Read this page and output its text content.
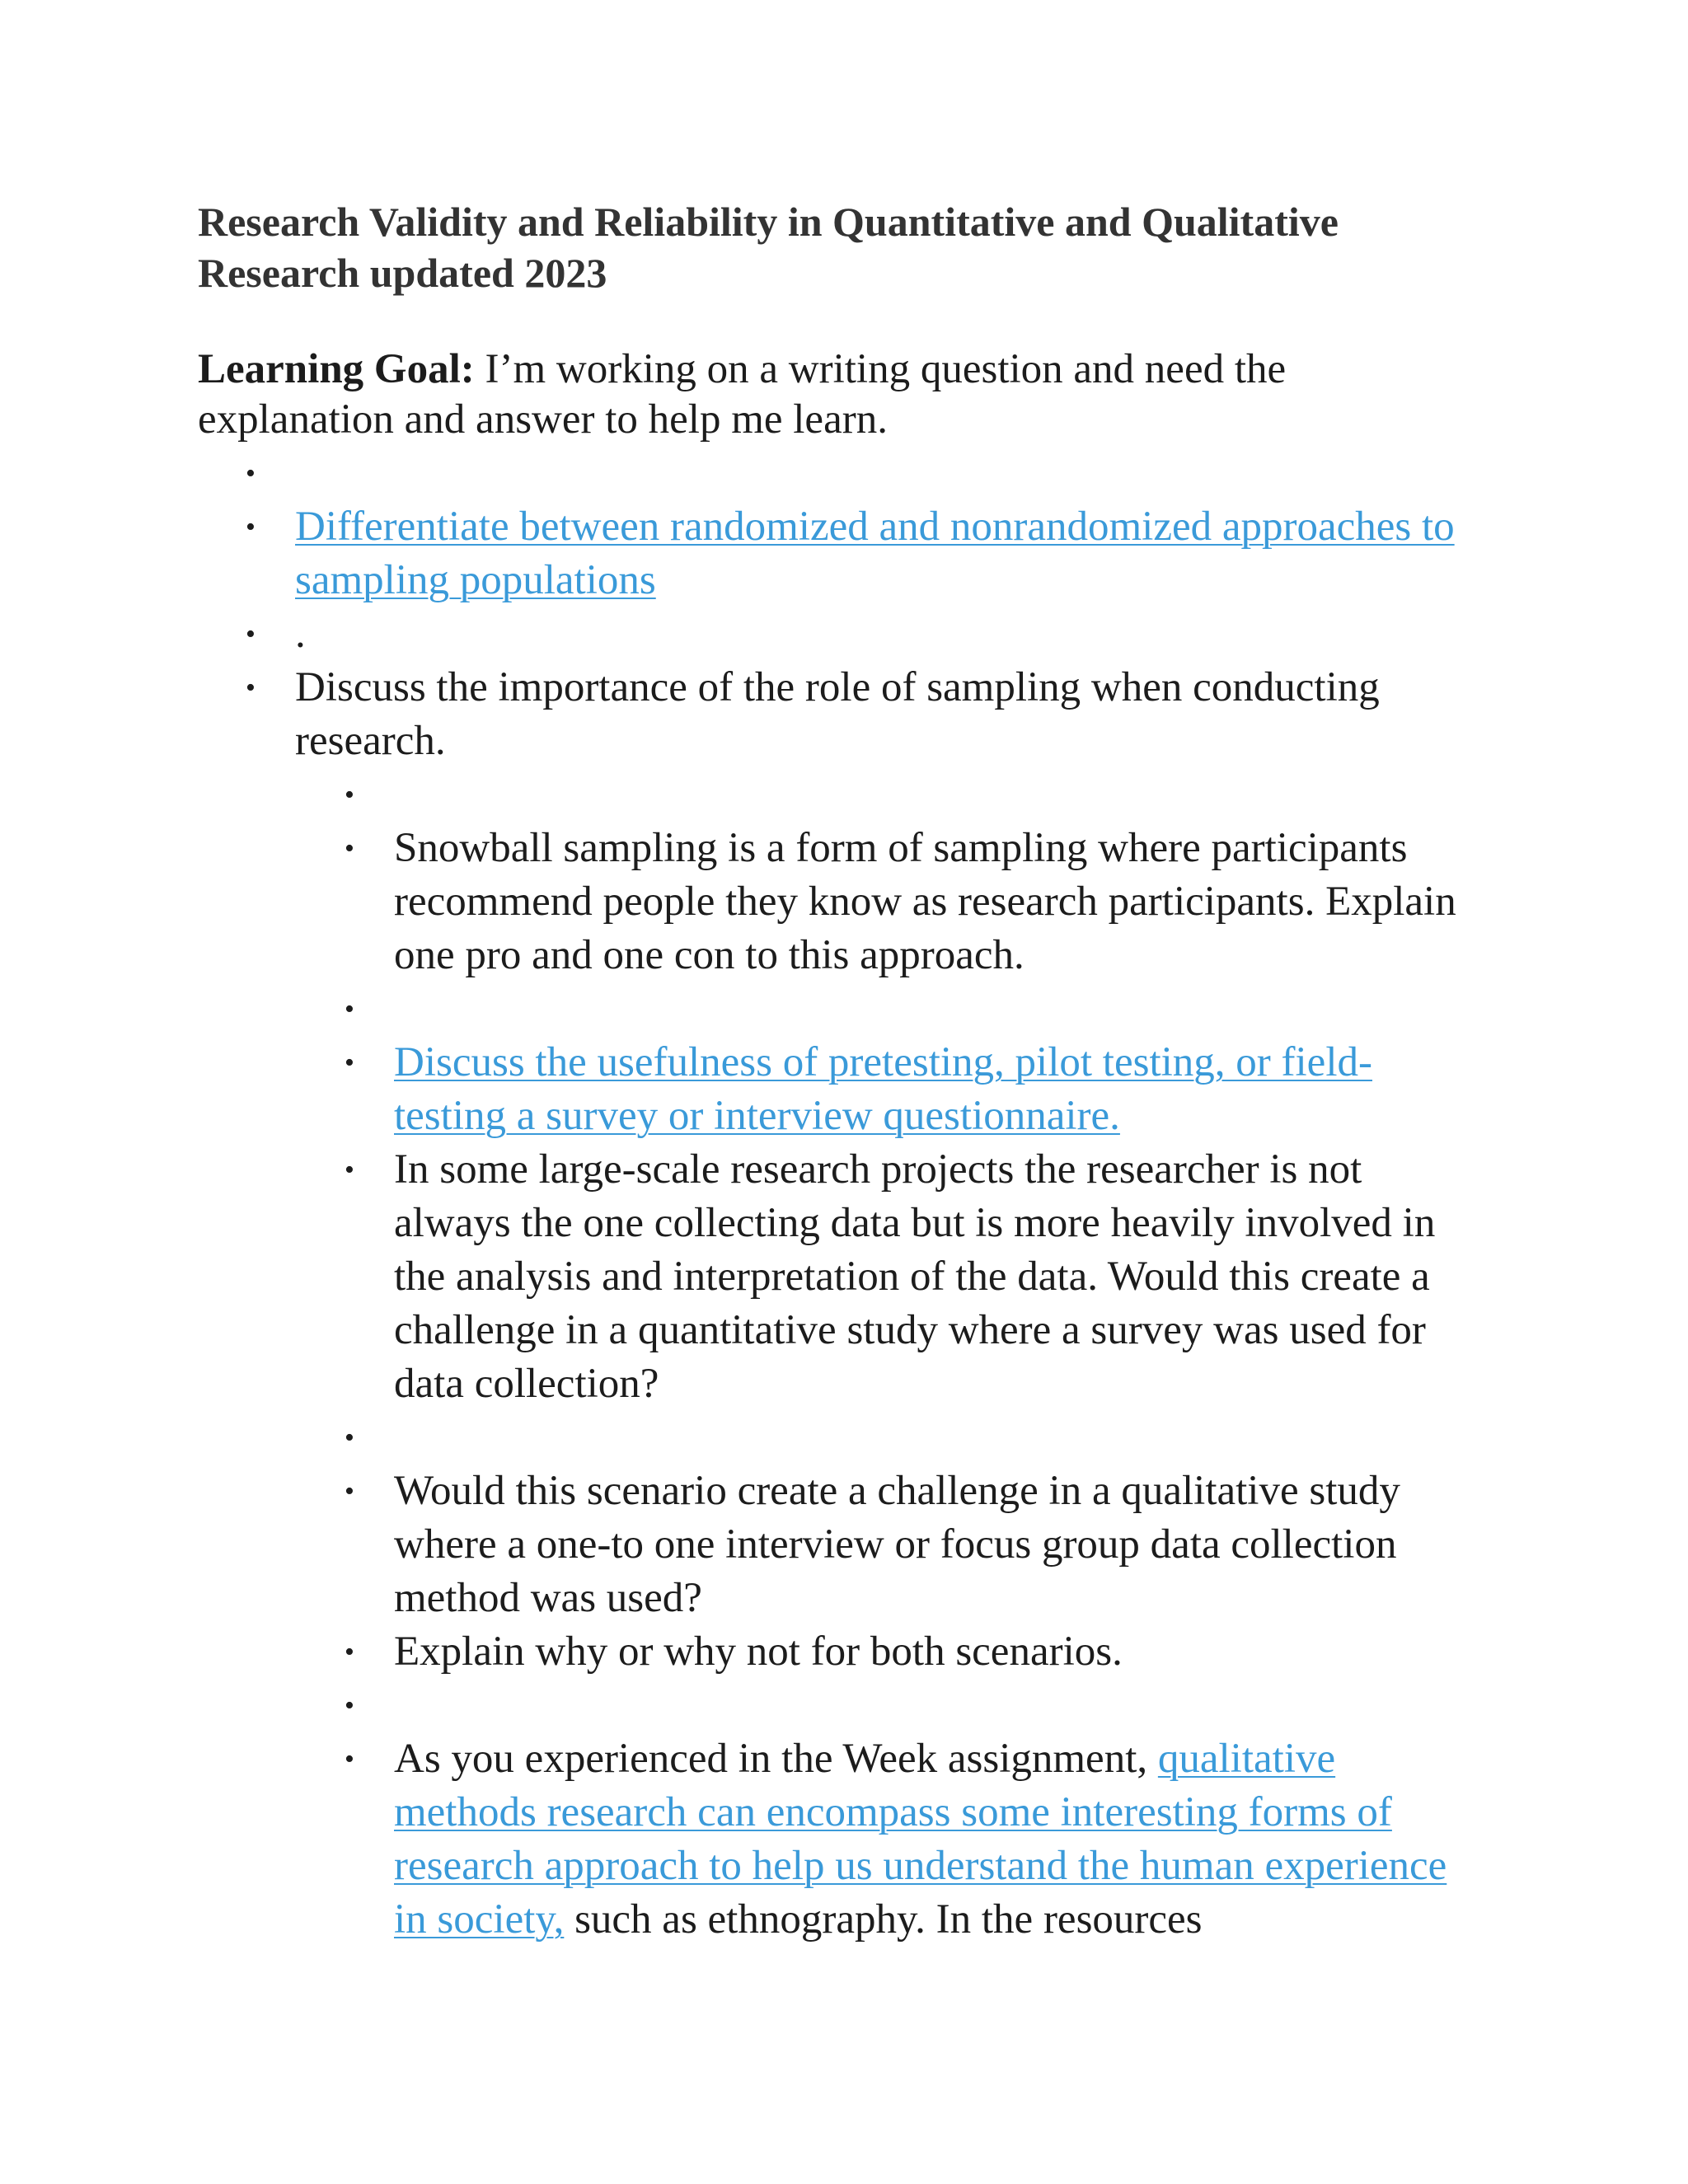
Research Validity and Reliability in Quantitative and Qualitative Research updated 2023

Learning Goal: I’m working on a writing question and need the explanation and answer to help me learn.

•
• Differentiate between randomized and nonrandomized approaches to sampling populations
• .
• Discuss the importance of the role of sampling when conducting research.
•
• Snowball sampling is a form of sampling where participants recommend people they know as research participants. Explain one pro and one con to this approach.
•
• Discuss the usefulness of pretesting, pilot testing, or field-testing a survey or interview questionnaire.
• In some large-scale research projects the researcher is not always the one collecting data but is more heavily involved in the analysis and interpretation of the data. Would this create a challenge in a quantitative study where a survey was used for data collection?
•
• Would this scenario create a challenge in a qualitative study where a one-to one interview or focus group data collection method was used?
• Explain why or why not for both scenarios.
•
• As you experienced in the Week assignment, qualitative methods research can encompass some interesting forms of research approach to help us understand the human experience in society, such as ethnography. In the resources
